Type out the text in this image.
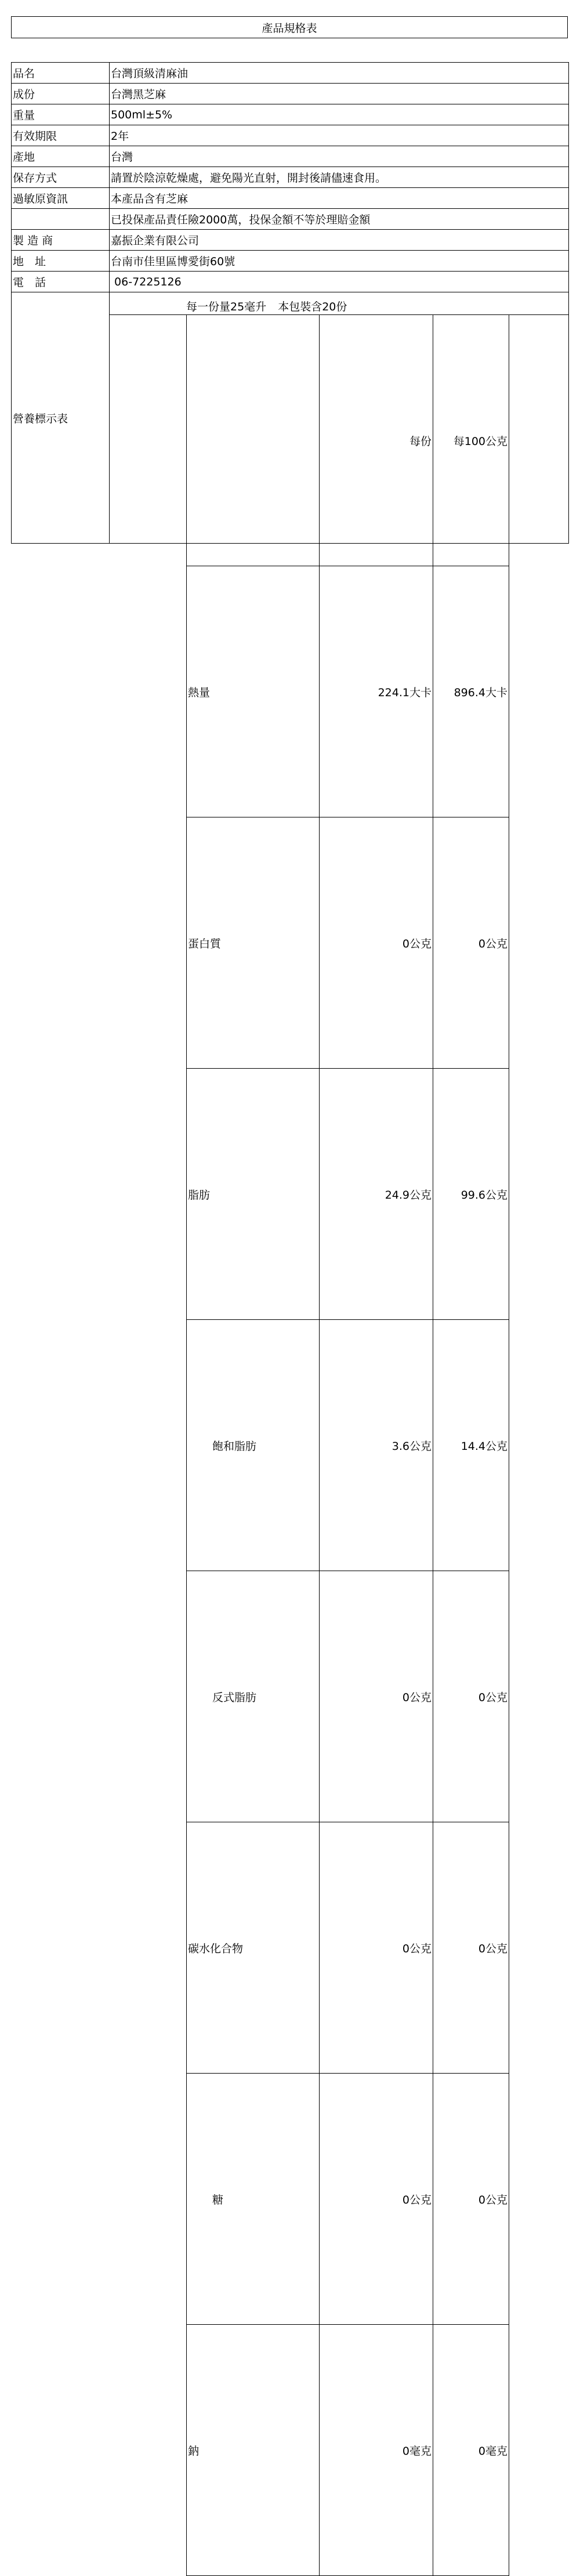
產品規格表
品名	台灣頂級清麻油
成份	台灣黑芝麻
重量	500ml±5%
有效期限	2年
產地	台灣
保存方式	請置於陰涼乾燥處，避免陽光直射，開封後請儘速食用。
過敏原資訊	本產品含有芝麻
	已投保產品責任險2000萬，投保金額不等於理賠金額
製 造 商	嘉振企業有限公司
地　址	台南市佳里區博愛街60號
電　話	06-7225126
營養標示表	
每一份量25毫升 本包裝含20份
	每份	每100公克
熱量	224.1大卡	896.4大卡
蛋白質	0公克	0公克
脂肪	24.9公克	99.6公克
飽和脂肪	3.6公克	14.4公克
反式脂肪	0公克	0公克
碳水化合物	0公克	0公克
糖	0公克	0公克
鈉	0毫克	0毫克
